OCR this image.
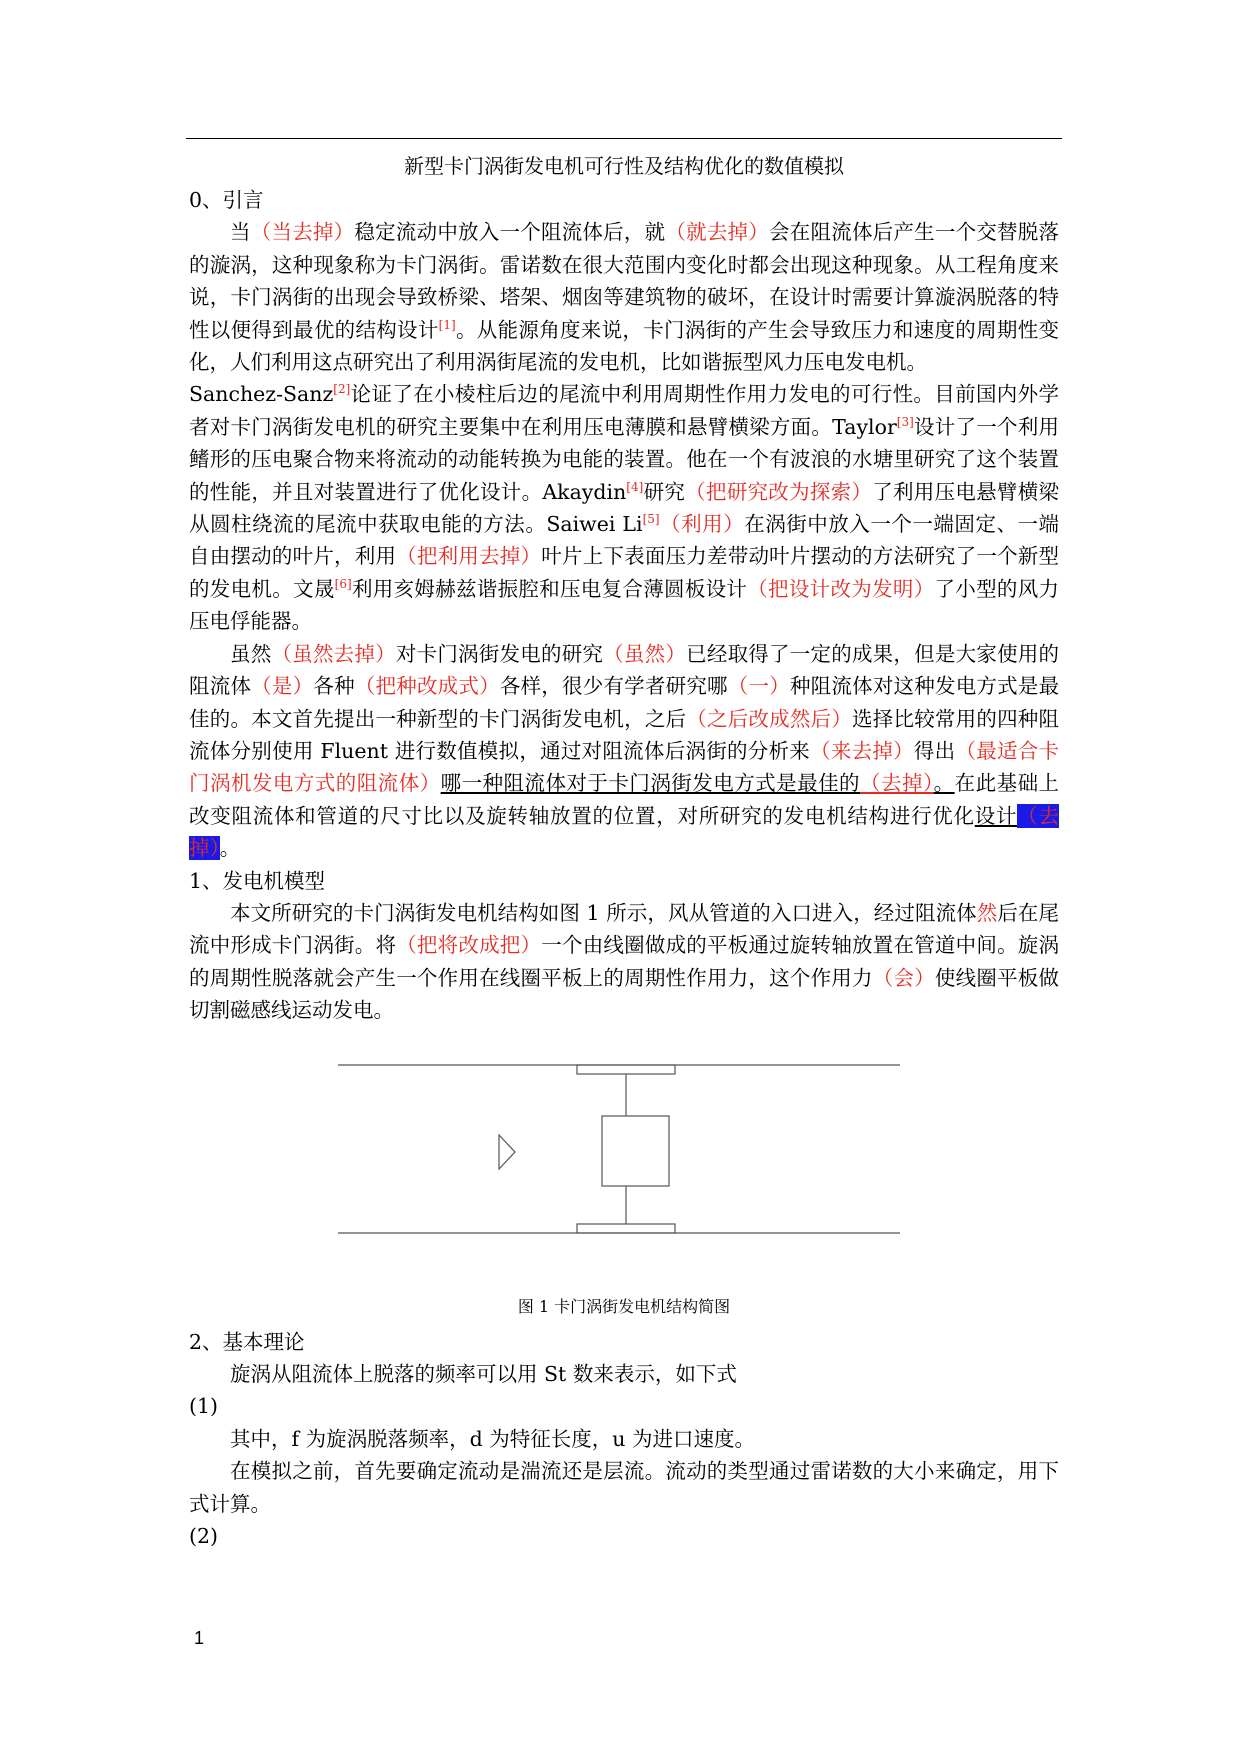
新型卡门涡街发电机可行性及结构优化的数值模拟
0、引言

当（当去掉）稳定流动中放入一个阻流体后，就（就去掉）会在阻流体后产生一个交替脱落的漩涡，这种现象称为卡门涡街。雷诺数在很大范围内变化时都会出现这种现象。从工程角度来说，卡门涡街的出现会导致桥梁、塔架、烟囱等建筑物的破坏，在设计时需要计算漩涡脱落的特性以便得到最优的结构设计[1]。从能源角度来说，卡门涡街的产生会导致压力和速度的周期性变化，人们利用这点研究出了利用涡街尾流的发电机，比如谐振型风力压电发电机。

Sanchez-Sanz[2]论证了在小棱柱后边的尾流中利用周期性作用力发电的可行性。目前国内外学者对卡门涡街发电机的研究主要集中在利用压电薄膜和悬臂横梁方面。Taylor[3]设计了一个利用鳍形的压电聚合物来将流动的动能转换为电能的装置。他在一个有波浪的水塘里研究了这个装置的性能，并且对装置进行了优化设计。Akaydin[4]研究（把研究改为探索）了利用压电悬臂横梁从圆柱绕流的尾流中获取电能的方法。Saiwei Li[5]（利用）在涡街中放入一个一端固定、一端自由摆动的叶片，利用（把利用去掉）叶片上下表面压力差带动叶片摆动的方法研究了一个新型的发电机。文晟[6]利用亥姆赫兹谐振腔和压电复合薄圆板设计（把设计改为发明）了小型的风力压电俘能器。

虽然（虽然去掉）对卡门涡街发电的研究（虽然）已经取得了一定的成果，但是大家使用的阻流体（是）各种（把种改成式）各样，很少有学者研究哪（一）种阻流体对这种发电方式是最佳的。本文首先提出一种新型的卡门涡街发电机，之后（之后改成然后）选择比较常用的四种阻流体分别使用 Fluent 进行数值模拟，通过对阻流体后涡街的分析来（来去掉）得出（最适合卡门涡机发电方式的阻流体）哪一种阻流体对于卡门涡街发电方式是最佳的（去掉）。在此基础上改变阻流体和管道的尺寸比以及旋转轴放置的位置，对所研究的发电机结构进行优化设计（去掉）。

1、发电机模型

本文所研究的卡门涡街发电机结构如图 1 所示，风从管道的入口进入，经过阻流体然后在尾流中形成卡门涡街。将（把将改成把）一个由线圈做成的平板通过旋转轴放置在管道中间。旋涡的周期性脱落就会产生一个作用在线圈平板上的周期性作用力，这个作用力（会）使线圈平板做切割磁感线运动发电。

图 1 卡门涡街发电机结构简图
2、基本理论

旋涡从阻流体上脱落的频率可以用 St 数来表示，如下式

(1)

其中，f 为旋涡脱落频率，d 为特征长度，u 为进口速度。

在模拟之前，首先要确定流动是湍流还是层流。流动的类型通过雷诺数的大小来确定，用下式计算。

(2)

1
